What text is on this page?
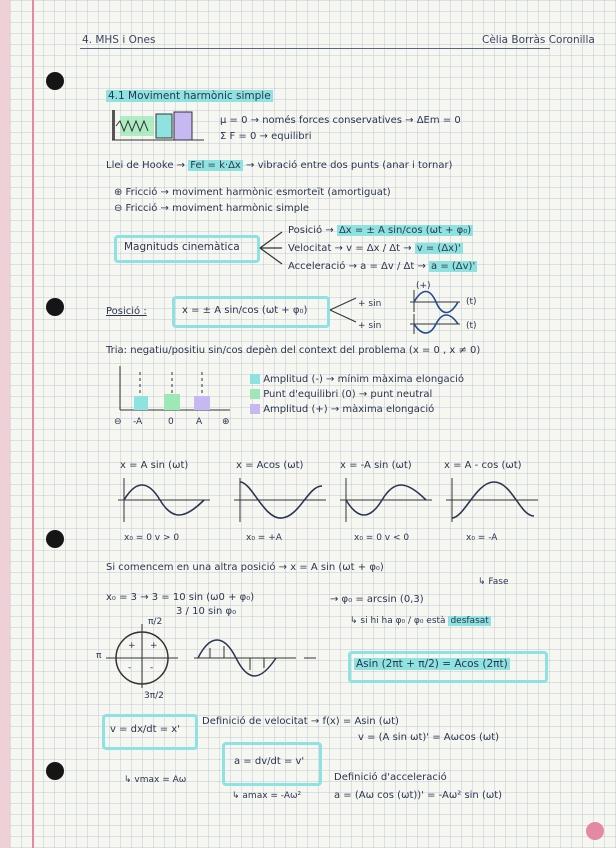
4. MHS i Ones	Cèlia Borràs Coronilla
4.1 Moviment harmònic simple
μ = 0 → només forces conservatives → ΔEm = 0
Σ F = 0 → equilibri
Llei de Hooke → Fel = k·Δx → vibració entre dos punts (anar i tornar)
⊕ Fricció → moviment harmònic esmorteït (amortiguat)
⊖ Fricció → moviment harmònic simple
Magnituds cinemàtica
Posició → Δx = ± A sin/cos (ωt + φ₀)
Velocitat → v = Δx / Δt → v = (Δx)'
Acceleració → a = Δv / Δt → a = (Δv)'
Posició :	x = ± A sin/cos (ωt + φ₀)
+ sin
+ sin
(+)
(t)
(t)
Tria: negatiu/positiu sin/cos depèn del context del problema (x = 0 , x ≠ 0)
⊖ -A	0 A ⊕
Amplitud (-) → mínim màxima elongació
Punt d'equilibri (0) → punt neutral
Amplitud (+) → màxima elongació
x = A sin (ωt)	x = Acos (ωt)	x = -A sin (ωt)	x = A - cos (ωt)
x₀ = 0 v > 0	x₀ = +A	x₀ = 0 v < 0	x₀ = -A
Si comencem en una altra posició → x = A sin (ωt + φ₀)
↳ Fase
x₀ = 3 → 3 = 10 sin (ω0 + φ₀)
3 / 10 sin φ₀
→ φ₀ = arcsin (0,3)
↳ si hi ha φ₀ / φ₀ està desfasat
π/2
π
3π/2
+ +
- -	Asin (2πt + π/2) = Acos (2πt)
v = dx/dt = x'
Definició de velocitat → f(x) = Asin (ωt)
v = (A sin ωt)' = Aωcos (ωt)
↳ vmax = Aω
a = dv/dt = v'
Definició d'acceleració
↳ amax = -Aω²	a = (Aω cos (ωt))' = -Aω² sin (ωt)
